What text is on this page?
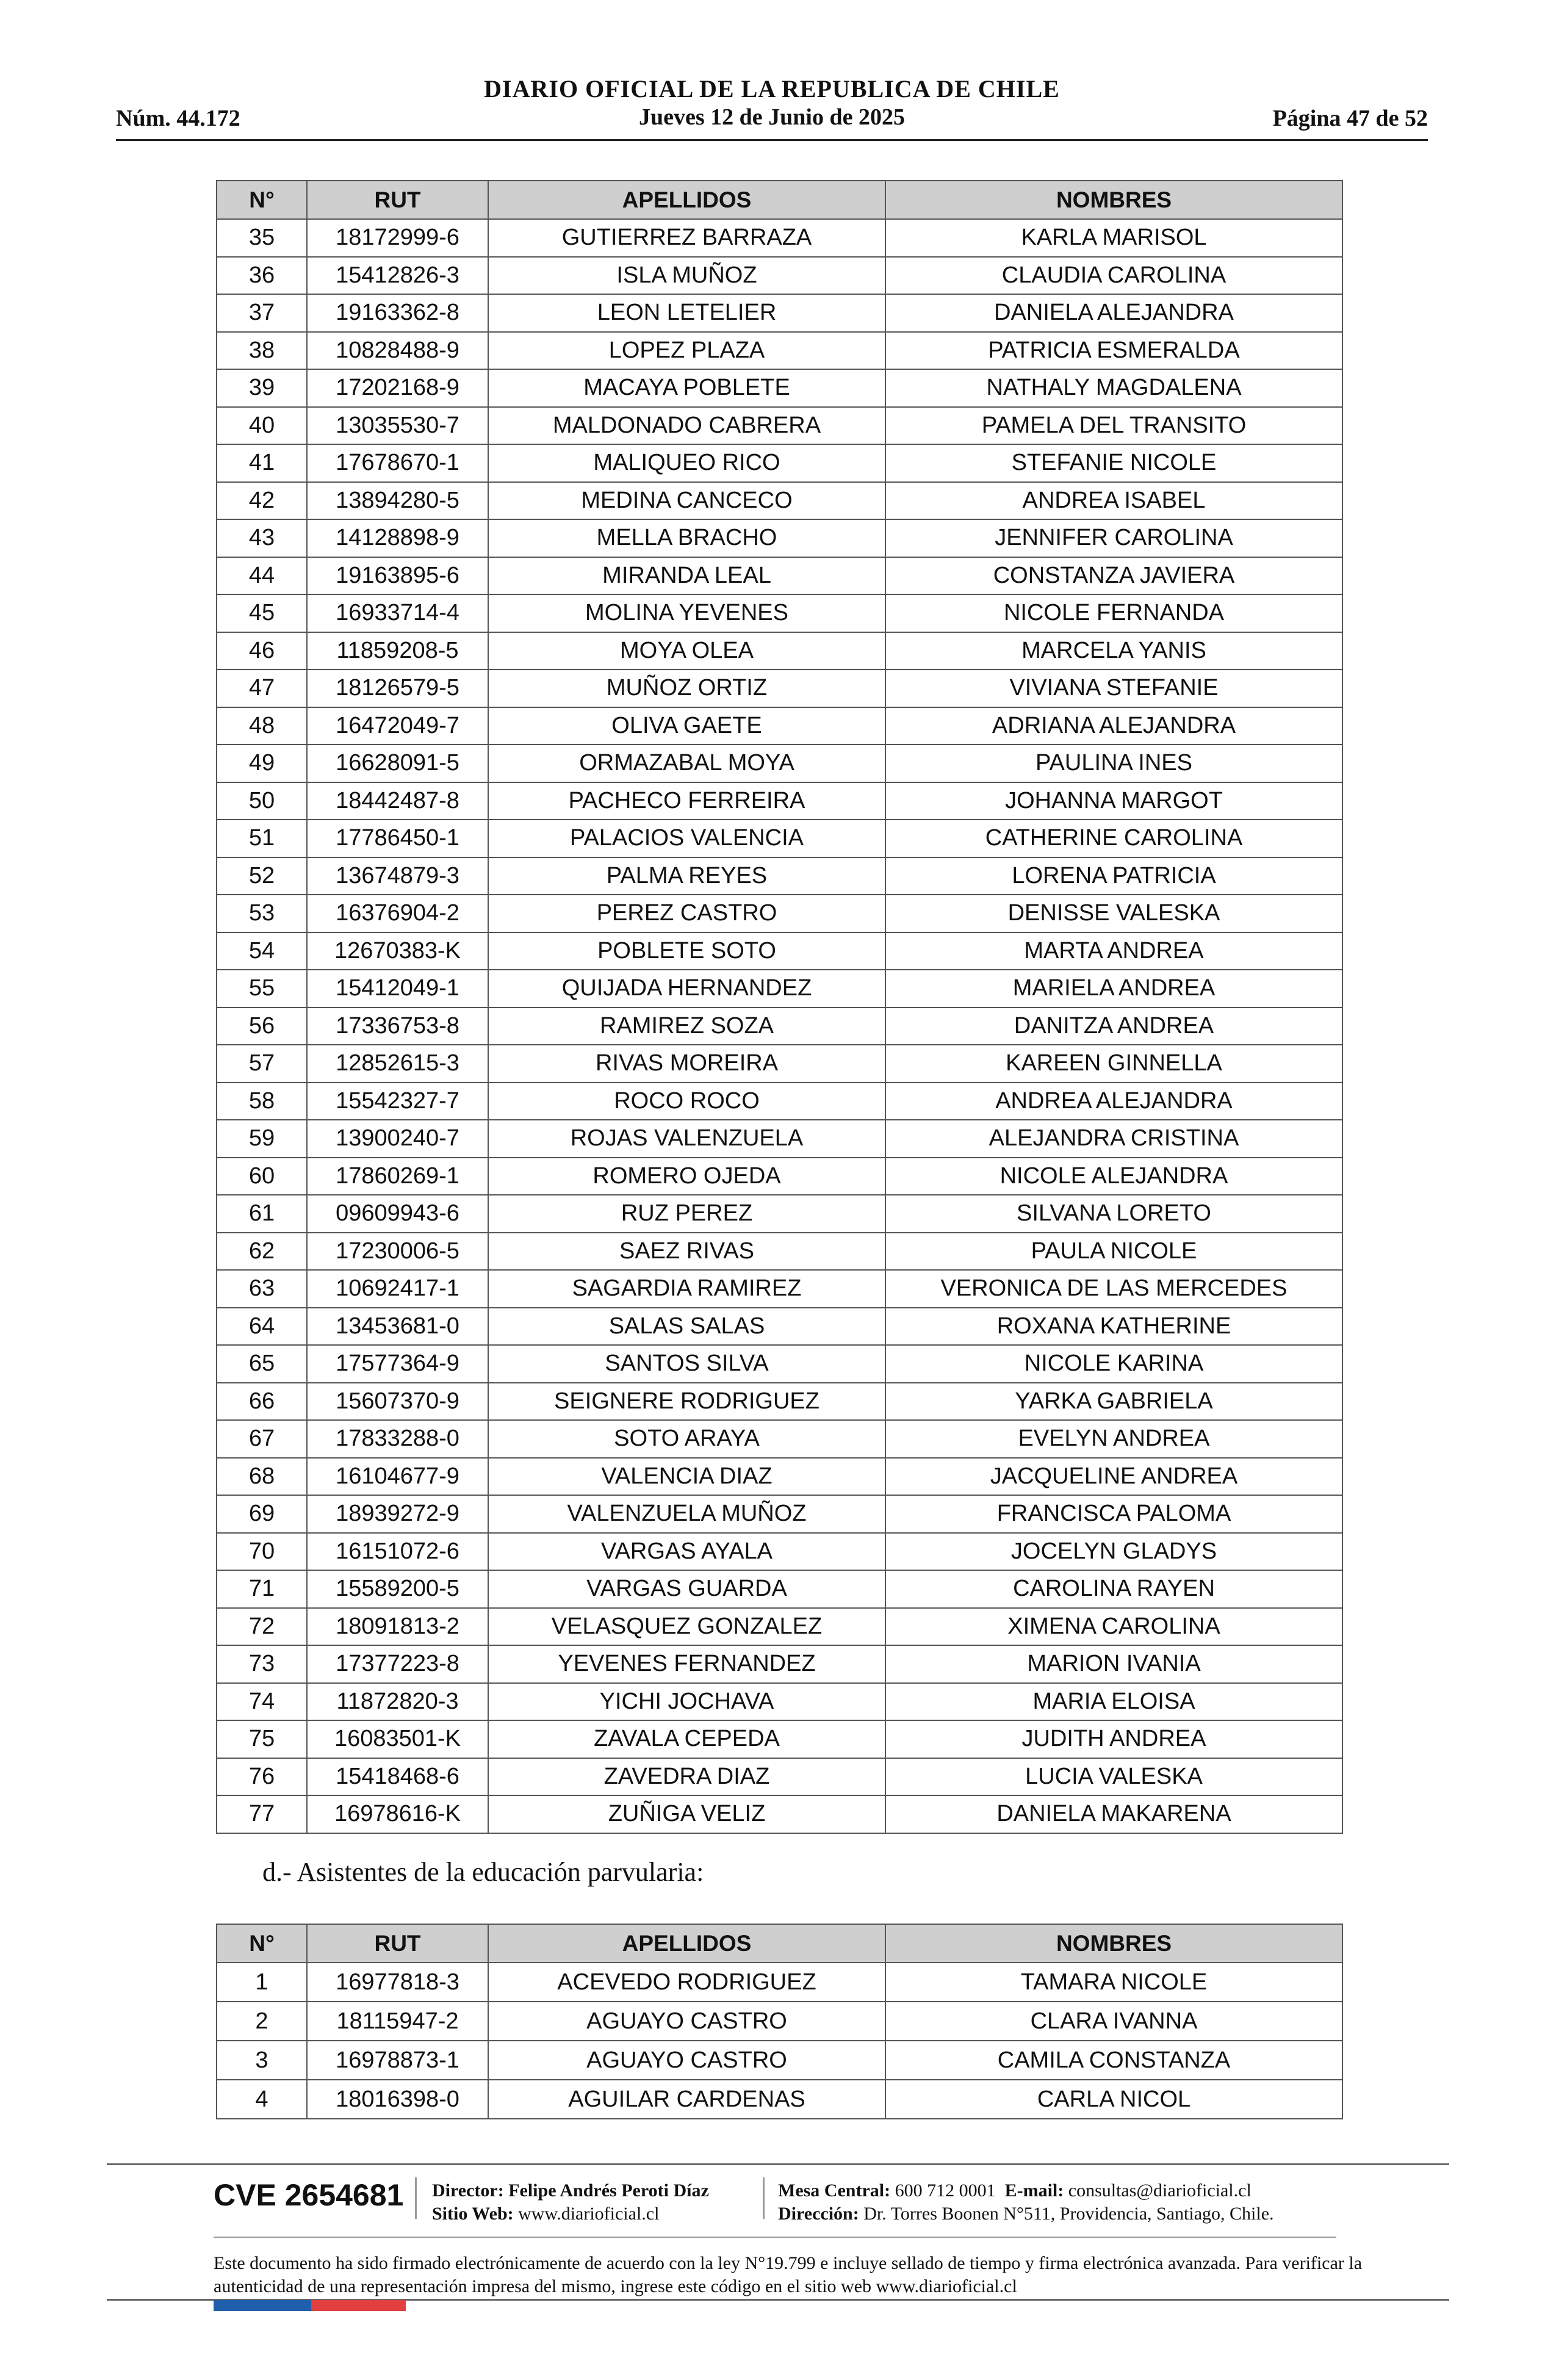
DIARIO OFICIAL DE LA REPUBLICA DE CHILE
Núm. 44.172	Jueves 12 de Junio de 2025	Página 47 de 52
N°	RUT	APELLIDOS	NOMBRES
35	18172999-6	GUTIERREZ BARRAZA	KARLA MARISOL
36	15412826-3	ISLA MUÑOZ	CLAUDIA CAROLINA
37	19163362-8	LEON LETELIER	DANIELA ALEJANDRA
38	10828488-9	LOPEZ PLAZA	PATRICIA ESMERALDA
39	17202168-9	MACAYA POBLETE	NATHALY MAGDALENA
40	13035530-7	MALDONADO CABRERA	PAMELA DEL TRANSITO
41	17678670-1	MALIQUEO RICO	STEFANIE NICOLE
42	13894280-5	MEDINA CANCECO	ANDREA ISABEL
43	14128898-9	MELLA BRACHO	JENNIFER CAROLINA
44	19163895-6	MIRANDA LEAL	CONSTANZA JAVIERA
45	16933714-4	MOLINA YEVENES	NICOLE FERNANDA
46	11859208-5	MOYA OLEA	MARCELA YANIS
47	18126579-5	MUÑOZ ORTIZ	VIVIANA STEFANIE
48	16472049-7	OLIVA GAETE	ADRIANA ALEJANDRA
49	16628091-5	ORMAZABAL MOYA	PAULINA INES
50	18442487-8	PACHECO FERREIRA	JOHANNA MARGOT
51	17786450-1	PALACIOS VALENCIA	CATHERINE CAROLINA
52	13674879-3	PALMA REYES	LORENA PATRICIA
53	16376904-2	PEREZ CASTRO	DENISSE VALESKA
54	12670383-K	POBLETE SOTO	MARTA ANDREA
55	15412049-1	QUIJADA HERNANDEZ	MARIELA ANDREA
56	17336753-8	RAMIREZ SOZA	DANITZA ANDREA
57	12852615-3	RIVAS MOREIRA	KAREEN GINNELLA
58	15542327-7	ROCO ROCO	ANDREA ALEJANDRA
59	13900240-7	ROJAS VALENZUELA	ALEJANDRA CRISTINA
60	17860269-1	ROMERO OJEDA	NICOLE ALEJANDRA
61	09609943-6	RUZ PEREZ	SILVANA LORETO
62	17230006-5	SAEZ RIVAS	PAULA NICOLE
63	10692417-1	SAGARDIA RAMIREZ	VERONICA DE LAS MERCEDES
64	13453681-0	SALAS SALAS	ROXANA KATHERINE
65	17577364-9	SANTOS SILVA	NICOLE KARINA
66	15607370-9	SEIGNERE RODRIGUEZ	YARKA GABRIELA
67	17833288-0	SOTO ARAYA	EVELYN ANDREA
68	16104677-9	VALENCIA DIAZ	JACQUELINE ANDREA
69	18939272-9	VALENZUELA MUÑOZ	FRANCISCA PALOMA
70	16151072-6	VARGAS AYALA	JOCELYN GLADYS
71	15589200-5	VARGAS GUARDA	CAROLINA RAYEN
72	18091813-2	VELASQUEZ GONZALEZ	XIMENA CAROLINA
73	17377223-8	YEVENES FERNANDEZ	MARION IVANIA
74	11872820-3	YICHI JOCHAVA	MARIA ELOISA
75	16083501-K	ZAVALA CEPEDA	JUDITH ANDREA
76	15418468-6	ZAVEDRA DIAZ	LUCIA VALESKA
77	16978616-K	ZUÑIGA VELIZ	DANIELA MAKARENA
d.- Asistentes de la educación parvularia:
N°	RUT	APELLIDOS	NOMBRES
1	16977818-3	ACEVEDO RODRIGUEZ	TAMARA NICOLE
2	18115947-2	AGUAYO CASTRO	CLARA IVANNA
3	16978873-1	AGUAYO CASTRO	CAMILA CONSTANZA
4	18016398-0	AGUILAR CARDENAS	CARLA NICOL
CVE 2654681 Director: Felipe Andrés Peroti Díaz
Sitio Web: www.diarioficial.cl
Mesa Central: 600 712 0001 E-mail: consultas@diarioficial.cl
Dirección: Dr. Torres Boonen N°511, Providencia, Santiago, Chile.
Este documento ha sido firmado electrónicamente de acuerdo con la ley N°19.799 e incluye sellado de tiempo y firma electrónica avanzada. Para verificar la autenticidad de una representación impresa del mismo, ingrese este código en el sitio web www.diarioficial.cl
